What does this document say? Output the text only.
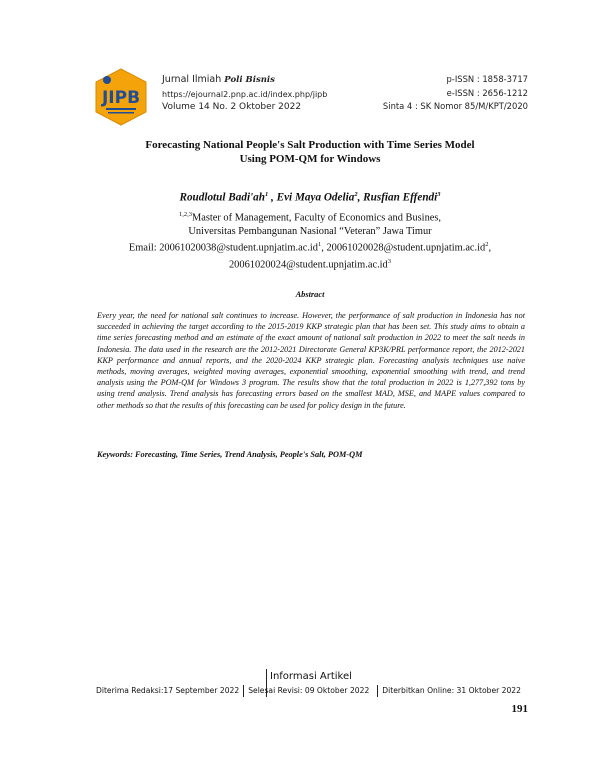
JIPB
Jurnal Ilmiah Poli Bisnis
https://ejournal2.pnp.ac.id/index.php/jipb
Volume 14 No. 2 Oktober 2022
p-ISSN : 1858-3717
e-ISSN : 2656-1212
Sinta 4 : SK Nomor 85/M/KPT/2020
Forecasting National People's Salt Production with Time Series Model
Using POM-QM for Windows
Roudlotul $Badi'ah^1$ , Evi Maya Odelia$^2$, Rusfian Effendi$^3$
$^{1,2,3}$Master of Management, Faculty of Economics and Busines,
Universitas Pembangunan Nasional “Veteran” Jawa Timur
Email: $20061020038@student.upnjatim.ac.id^1$, $20061020028@student.upnjatim.ac.id^2$,
$20061020024@student.upnjatim.ac.id^3$
Abstract
Every year, the need for national salt continues to increase. However, the performance of salt production in Indonesia has not succeeded in achieving the target according to the 2015-2019 KKP strategic plan that has been set. This study aims to obtain a time series forecasting method and an estimate of the exact amount of national salt production in 2022 to meet the salt needs in Indonesia. The data used in the research are the 2012-2021 Directorate General KP3K/PRL performance report, the 2012-2021 KKP performance and annual reports, and the 2020-2024 KKP strategic plan. Forecasting analysis techniques use naive methods, moving averages, weighted moving averages, exponential smoothing, exponential smoothing with trend, and trend analysis using the POM-QM for Windows 3 program. The results show that the total production in 2022 is 1,277,392 tons by using trend analysis. Trend analysis has forecasting errors based on the smallest MAD, MSE, and MAPE values compared to other methods so that the results of this forecasting can be used for policy design in the future.
Keywords: Forecasting, Time Series, Trend Analysis, People's Salt, POM-QM
Informasi Artikel
Diterima Redaksi:17 September 2022 Selesai Revisi: 09 Oktober 2022 Diterbitkan Online: 31 Oktober 2022
191
